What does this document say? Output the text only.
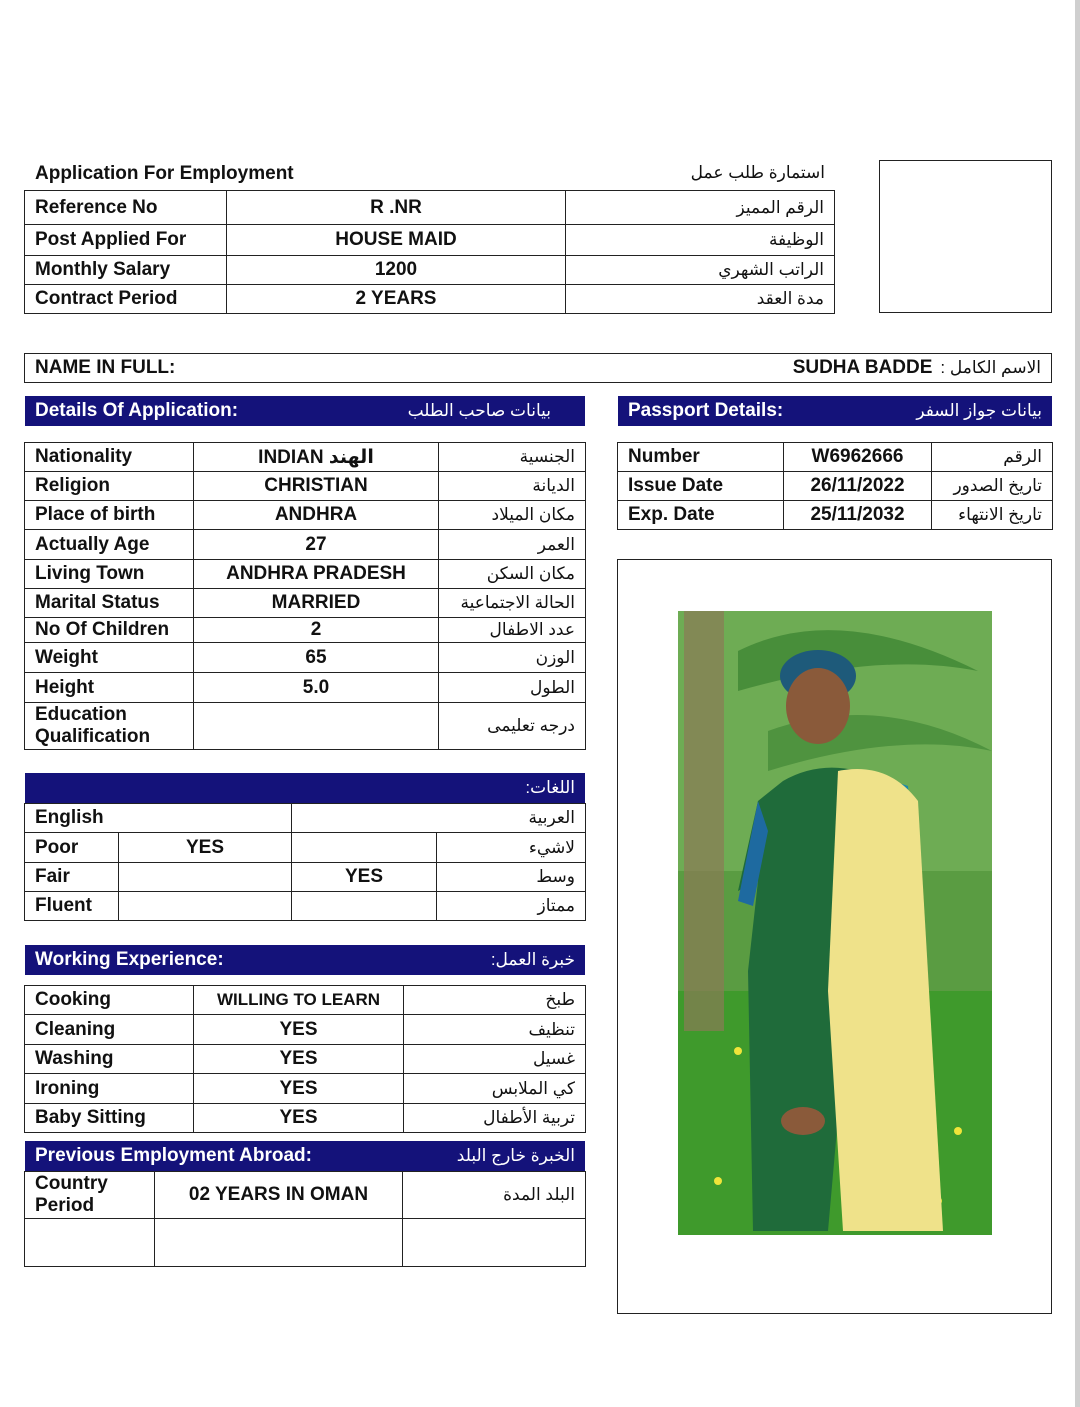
Application For Employment	استمارة طلب عمل
Reference No	R .NR	الرقم المميز
Post Applied For	HOUSE MAID	الوظيفة
Monthly Salary	1200	الراتب الشهري
Contract Period	2 YEARS	مدة العقد
NAME IN FULL:	الاسم الكامل :
SUDHA BADDE
Details Of Application:	بيانات صاحب الطلب	Passport Details:	بيانات جواز السفر
Nationality	INDIAN الهند	الجنسية
Religion	CHRISTIAN	الديانة
Place of birth	ANDHRA	مكان الميلاد
Actually Age	27	العمر
Living Town	ANDHRA PRADESH	مكان السكن
Marital Status	MARRIED	الحالة الاجتماعية
No Of Children	2	عدد الاطفال
Weight	65	الوزن
Height	5.0	الطول
Education Qualification		درجه تعليمى
Number	W6962666	الرقم
Issue Date	26/11/2022	تاريخ الصدور
Exp. Date	25/11/2032	تاريخ الانتهاء
اللغات:
English		العربية	
Poor	YES		لاشيء
Fair		YES	وسط
Fluent			ممتاز
Working Experience:	خبرة العمل:
Cooking	WILLING TO LEARN	طبخ
Cleaning	YES	تنظيف
Washing	YES	غسيل
Ironing	YES	كي الملابس
Baby Sitting	YES	تربية الأطفال
Previous Employment Abroad:	الخبرة خارج البلد
Country Period	02 YEARS IN OMAN	البلد المدة
